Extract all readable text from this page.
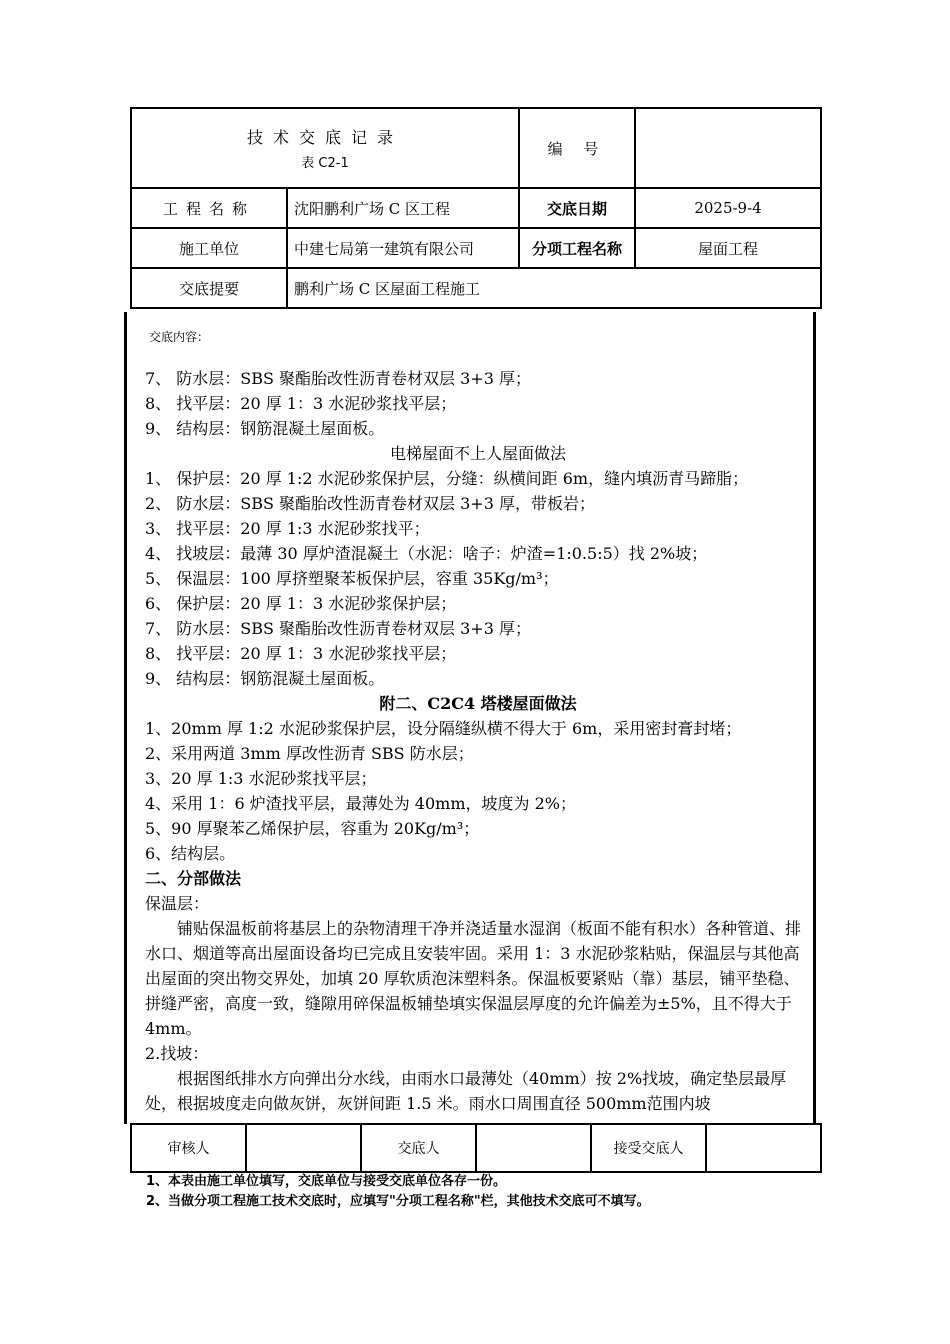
技术交底记录
表 C2-1		编 号	
工程名称	沈阳鹏利广场 C 区工程	交底日期	2025-9-4
施工单位	中建七局第一建筑有限公司	分项工程名称	屋面工程
交底提要	鹏利广场 C 区屋面工程施工		
交底内容：

7、 防水层：SBS 聚酯胎改性沥青卷材双层 3+3 厚；

8、 找平层：20 厚 1：3 水泥砂浆找平层；

9、 结构层：钢筋混凝土屋面板。

电梯屋面不上人屋面做法

1、 保护层：20 厚 1:2 水泥砂浆保护层，分缝：纵横间距 6m，缝内填沥青马蹄脂；

2、 防水层：SBS 聚酯胎改性沥青卷材双层 3+3 厚，带板岩；

3、 找平层：20 厚 1:3 水泥砂浆找平；

4、 找坡层：最薄 30 厚炉渣混凝土（水泥：啥子：炉渣=1:0.5:5）找 2%坡；

5、 保温层：100 厚挤塑聚苯板保护层，容重 35Kg/m³；

6、 保护层：20 厚 1：3 水泥砂浆保护层；

7、 防水层：SBS 聚酯胎改性沥青卷材双层 3+3 厚；

8、 找平层：20 厚 1：3 水泥砂浆找平层；

9、 结构层：钢筋混凝土屋面板。

附二、C2C4 塔楼屋面做法

1、20mm 厚 1:2 水泥砂浆保护层，设分隔缝纵横不得大于 6m，采用密封膏封堵；

2、采用两道 3mm 厚改性沥青 SBS 防水层；

3、20 厚 1:3 水泥砂浆找平层；

4、采用 1：6 炉渣找平层，最薄处为 40mm，坡度为 2%；

5、90 厚聚苯乙烯保护层，容重为 20Kg/m³；

6、结构层。

二、分部做法

保温层：

铺贴保温板前将基层上的杂物清理干净并浇适量水湿润（板面不能有积水）各种管道、排水口、烟道等高出屋面设备均已完成且安装牢固。采用 1：3 水泥砂浆粘贴，保温层与其他高出屋面的突出物交界处，加填 20 厚软质泡沫塑料条。保温板要紧贴（靠）基层，铺平垫稳、拼缝严密，高度一致，缝隙用碎保温板辅垫填实保温层厚度的允许偏差为±5%，且不得大于 4mm。

2.找坡：

根据图纸排水方向弹出分水线，由雨水口最薄处（40mm）按 2%找坡，确定垫层最厚处，根据坡度走向做灰饼，灰饼间距 1.5 米。雨水口周围直径 500mm范围内坡

审核人		交底人		接受交底人	

1、本表由施工单位填写，交底单位与接受交底单位各存一份。

2、当做分项工程施工技术交底时，应填写"分项工程名称"栏，其他技术交底可不填写。
